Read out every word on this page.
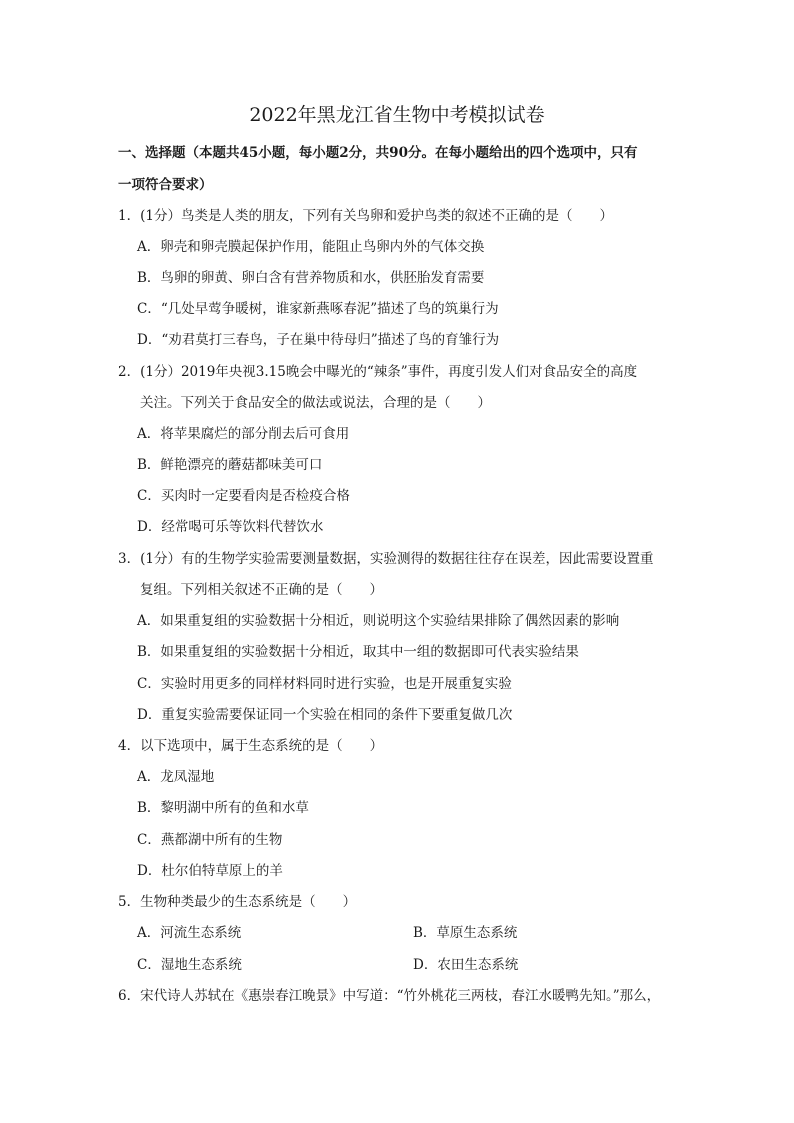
2022年黑龙江省生物中考模拟试卷
一、选择题（本题共45小题，每小题2分，共90分。在每小题给出的四个选项中，只有
一项符合要求）
1．(1分）鸟类是人类的朋友，下列有关鸟卵和爱护鸟类的叙述不正确的是（　　）
A．卵壳和卵壳膜起保护作用，能阻止鸟卵内外的气体交换
B．鸟卵的卵黄、卵白含有营养物质和水，供胚胎发育需要
C．“几处早莺争暖树，谁家新燕啄春泥”描述了鸟的筑巢行为
D．“劝君莫打三春鸟，子在巢中待母归”描述了鸟的育雏行为
2．(1分）2019年央视3.15晚会中曝光的“辣条”事件，再度引发人们对食品安全的高度
关注。下列关于食品安全的做法或说法，合理的是（　　）
A．将苹果腐烂的部分削去后可食用
B．鲜艳漂亮的蘑菇都味美可口
C．买肉时一定要看肉是否检疫合格
D．经常喝可乐等饮料代替饮水
3．(1分）有的生物学实验需要测量数据，实验测得的数据往往存在误差，因此需要设置重
复组。下列相关叙述不正确的是（　　）
A．如果重复组的实验数据十分相近，则说明这个实验结果排除了偶然因素的影响
B．如果重复组的实验数据十分相近，取其中一组的数据即可代表实验结果
C．实验时用更多的同样材料同时进行实验，也是开展重复实验
D．重复实验需要保证同一个实验在相同的条件下要重复做几次
4．以下选项中，属于生态系统的是（　　）
A．龙凤湿地
B．黎明湖中所有的鱼和水草
C．燕都湖中所有的生物
D．杜尔伯特草原上的羊
5．生物种类最少的生态系统是（　　）
A．河流生态系统	B．草原生态系统
C．湿地生态系统	D．农田生态系统
6．宋代诗人苏轼在《惠崇春江晚景》中写道：“竹外桃花三两枝，春江水暖鸭先知。”那么，
